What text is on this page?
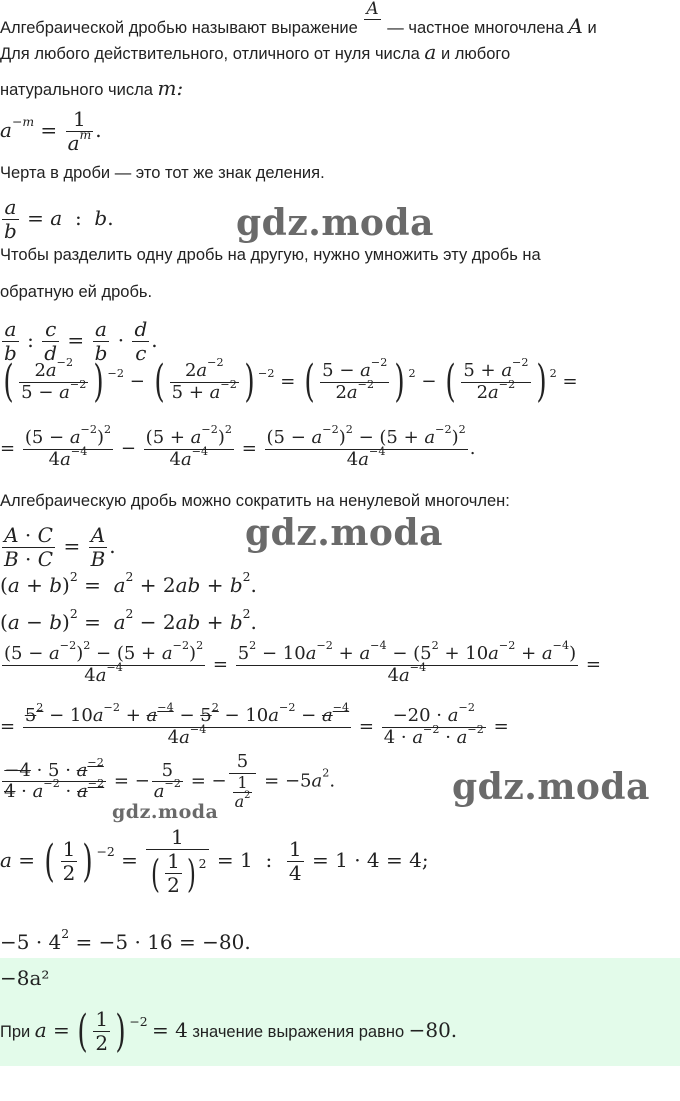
gdz.moda
gdz.moda
gdz.moda
gdz.moda
Алгебраической дробью называют выражение
A

— частное многочлена A и
Для любого действительного, отличного от нуля числа a и любого
натурального числа m:
$a^{-m} = \frac{1}{a^m}$ .
Черта в дроби — это тот же знак деления.
$\frac{a}{b} = a$  :  b.
Чтобы разделить одну дробь на другую, нужно умножить эту дробь на
обратную ей дробь.
$\frac{a}{b}$ : $\frac{c}{d} = \frac{a}{b} \cdot \frac{d}{c}$ .
( $\frac{2a^{-2}}{5 - a^{-2}}$ ) $^{-2}$ − ( $\frac{2a^{-2}}{5 + a^{-2}}$ ) $^{-2}$ = ( $\frac{5 - a^{-2}}{2a^{-2}}$ ) $^2$ − ( $\frac{5 + a^{-2}}{2a^{-2}}$ ) $^2$ =
= $\frac{(5 - a^{-2})^2}{4a^{-4}} - \frac{(5 + a^{-2})^2}{4a^{-4}} = \frac{(5 - a^{-2})^2 - (5 + a^{-2})^2}{4a^{-4}}$ .
Алгебраическую дробь можно сократить на ненулевой многочлен:
$\frac{A \cdot C}{B \cdot C} = \frac{A}{B}$ .
$(a + b)^2 = a^2 + 2ab + b^2$.
$(a - b)^2 = a^2 - 2ab + b^2$.
$\frac{(5 - a^{-2})^2 - (5 + a^{-2})^2}{4a^{-4}} = \frac{5^2 - 10a^{-2} + a^{-4} - (5^2 + 10a^{-2} + a^{-4})}{4a^{-4}}$ =
= $\frac{5^2 - 10a^{-2} + a^{-4} - 5^2 - 10a^{-2} - a^{-4}}{4a^{-4}} = \frac{-20 \cdot a^{-2}}{4 \cdot a^{-2} \cdot a^{-2}}$ =
$\frac{-4 \cdot 5 \cdot a^{-2}}{4 \cdot a^{-2} \cdot a^{-2}}$ = − $\frac{5}{a^{-2}}$ = − $\frac{5}{\frac{1}{a^2}} = -5a^2$.
a = ( $\frac{1}{2}$ ) $^{-2} = \frac{1}{( \frac{1}{2} ) ^2} = 1$  : $\frac{1}{4} = 1 \cdot 4 = 4$;
$-5 \cdot 4^2 = -5 \cdot 16 = -80$.
−8a²
При a = ( $\frac{1}{2}$ ) $^{-2}$ = 4 значение выражения равно −80.
